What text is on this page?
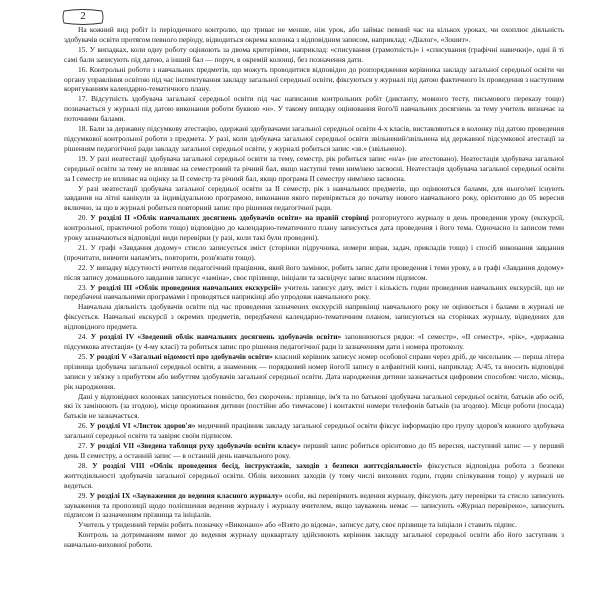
2

На кожний вид робіт із періодичного контролю, що триває не менше, ніж урок, або займає певний час на кількох уроках, чи охоплює діяльність здобувачів освіти протягом певного періоду, відводиться окрема колонка з відповідним записом, наприклад: «Діалог», «Зошит».

15. У випадках, коли одну роботу оцінюють за двома критеріями, наприклад: «списування (грамотність)» і «списування (графічні навички)», одні й ті самі бали записують під датою, а інший бал — поруч, в окремій колонці, без позначення дати.

16. Контрольні роботи з навчальних предметів, що можуть проводитися відповідно до розпорядження керівника закладу загальної середньої освіти чи органу управління освітою під час інспектування закладу загальної середньої освіти, фіксуються у журналі під датою фактичного їх проведення з наступним коригуванням календарно-тематичного плану.

17. Відсутність здобувача загальної середньої освіти під час написання контрольних робіт (диктанту, мовного тесту, письмового переказу тощо) позначається у журналі під датою виконання роботи буквою «н». У такому випадку оцінювання його/її навчальних досягнень за тему учитель визначає за поточними балами.

18. Бали за державну підсумкову атестацію, одержані здобувачами загальної середньої освіти 4-х класів, виставляються в колонку під датою проведення підсумкової контрольної роботи з предмета. У разі, коли здобувача загальної середньої освіти звільнений/звільнена від державної підсумкової атестації за рішенням педагогічної ради закладу загальної середньої освіти, у журналі робиться запис «зв.» (звільнено).

19. У разі неатестації здобувача загальної середньої освіти за тему, семестр, рік робиться запис «н/а» (не атестовано). Неатестація здобувача загальної середньої освіти за тему не впливає на семестровий та річний бал, якщо наступні теми ним/нею засвоєні. Неатестація здобувача загальної середньої освіти за I семестр не впливає на оцінку за II семестр та річний бал, якщо програма II семестру ним/нею засвоєна.

У разі неатестації здобувача загальної середньої освіти за II семестр, рік з навчальних предметів, що оцінюються балами, для нього/неї існують завдання на літні канікули за індивідуальною програмою, виконання якого перевіряється до початку нового навчального року, орієнтовно до 05 вересня включно, за що в журналі робиться повторний запис про рішення педагогічної ради.

20. У розділі II «Облік навчальних досягнень здобувачів освіти» на правій сторінці розгорнутого журналу в день проведення уроку (екскурсії, контрольної, практичної роботи тощо) відповідно до календарно-тематичного плану записується дата проведення і його тема. Одночасно із записом теми уроку зазначаються відповідні види перевірки (у разі, коли такі були проведені).

21. У графі «Завдання додому» стисло записується зміст (сторінки підручника, номери вправ, задач, прикладів тощо) і спосіб виконання завдання (прочитати, вивчити напам'ять, повторити, розв'язати тощо).

22. У випадку відсутності вчителя педагогічний працівник, який його замінює, робить запис дати проведення і теми уроку, а в графі «Завдання додому» після запису домашнього завдання записує «заміна», своє прізвище, ініціали та засвідчує запис власним підписом.

23. У розділі III «Облік проведення навчальних екскурсій» учитель записує дату, зміст і кількість годин проведення навчальних екскурсій, що не передбачені навчальними програмами і проводяться наприкінці або упродовж навчального року.

Навчальна діяльність здобувачів освіти під час проведення зазначених екскурсій наприкінці навчального року не оцінюється і балами в журналі не фіксується. Навчальні екскурсії з окремих предметів, передбачені календарно-тематичним планом, записуються на сторінках журналу, відведених для відповідного предмета.

24. У розділі IV «Зведений облік навчальних досягнень здобувачів освіти» заповнюються рядки: «I семестр», «II семестр», «рік», «державна підсумкова атестація» (у 4-му класі) та робиться запис про рішення педагогічної ради із зазначенням дати і номера протоколу.

25. У розділі V «Загальні відомості про здобувачів освіти» класний керівник записує номер особової справи через дріб, де чисельник — перша літера прізвища здобувача загальної середньої освіти, а знаменник — порядковий номер його/її запису в алфавітній книзі, наприклад: А/45, та вносить відповідні записи у зв'язку з прибуттям або вибуттям здобувачів загальної середньої освіти. Дата народження дитини зазначається цифровим способом: число, місяць, рік народження.

Дані у відповідних колонках записуються повністю, без скорочень: прізвище, ім'я та по батькові здобувача загальної середньої освіти, батьків або осіб, які їх замінюють (за згодою), місце проживання дитини (постійне або тимчасове) і контактні номери телефонів батьків (за згодою). Місце роботи (посада) батьків не зазначається.

26. У розділі VI «Листок здоров'я» медичний працівник закладу загальної середньої освіти фіксує інформацію про групу здоров'я кожного здобувача загальної середньої освіти та завіряє своїм підписом.

27. У розділі VII «Зведена таблиця руху здобувачів освіти класу» перший запис робиться орієнтовно до 05 вересня, наступний запис — у перший день II семестру, а останній запис — в останній день навчального року.

28. У розділі VIII «Облік проведення бесід, інструктажів, заходів з безпеки життєдіяльності» фіксується відповідна робота з безпеки життєдіяльності здобувачів загальної середньої освіти. Облік виховних заходів (у тому числі виховних годин, годин спілкування тощо) у журналі не ведеться.

29. У розділі IX «Зауваження до ведення класного журналу» особи, які перевіряють ведення журналу, фіксують дату перевірки та стисло записують зауваження та пропозиції щодо поліпшення ведення журналу і журналу вчителем, якщо зауважень немає — записують «Журнал перевірено», записують підписом із зазначенням прізвища та ініціалів.

Учитель у триденний термін робить позначку «Виконано» або «Взято до відома», записує дату, своє прізвище та ініціали і ставить підпис.

Контроль за дотриманням вимог до ведення журналу щокварталу здійснюють керівник закладу загальної середньої освіти або його заступник з навчально-виховної роботи.
